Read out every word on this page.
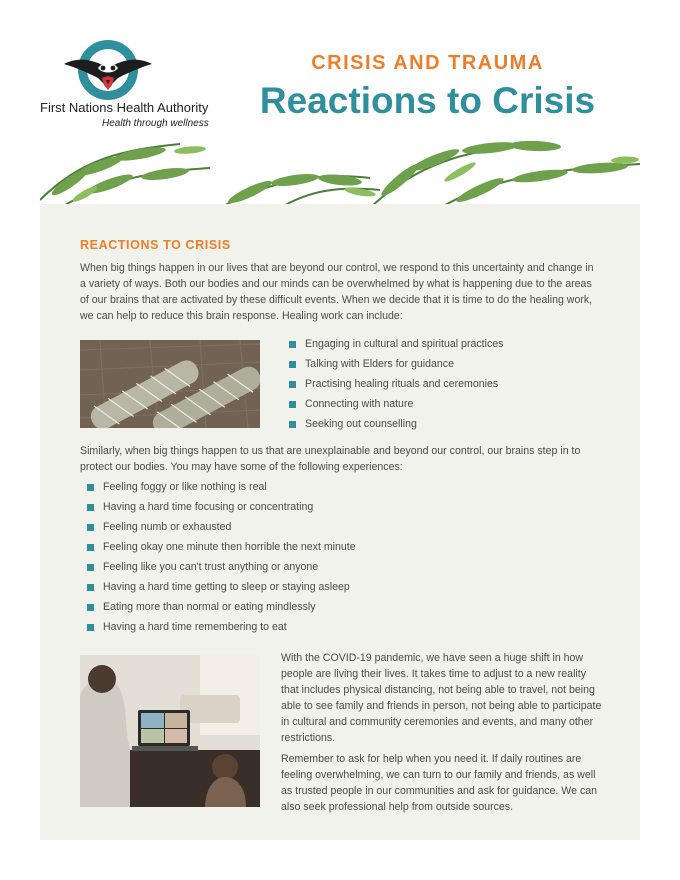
First Nations Health Authority
Health through wellness
CRISIS AND TRAUMA
Reactions to Crisis
REACTIONS TO CRISIS

When big things happen in our lives that are beyond our control, we respond to this uncertainty and change in a variety of ways. Both our bodies and our minds can be overwhelmed by what is happening due to the areas of our brains that are activated by these difficult events. When we decide that it is time to do the healing work, we can help to reduce this brain response. Healing work can include:

Engaging in cultural and spiritual practices
Talking with Elders for guidance
Practising healing rituals and ceremonies
Connecting with nature
Seeking out counselling

Similarly, when big things happen to us that are unexplainable and beyond our control, our brains step in to protect our bodies. You may have some of the following experiences:

Feeling foggy or like nothing is real
Having a hard time focusing or concentrating
Feeling numb or exhausted
Feeling okay one minute then horrible the next minute
Feeling like you can't trust anything or anyone
Having a hard time getting to sleep or staying asleep
Eating more than normal or eating mindlessly
Having a hard time remembering to eat

With the COVID-19 pandemic, we have seen a huge shift in how people are living their lives. It takes time to adjust to a new reality that includes physical distancing, not being able to travel, not being able to see family and friends in person, not being able to participate in cultural and community ceremonies and events, and many other restrictions.

Remember to ask for help when you need it. If daily routines are feeling overwhelming, we can turn to our family and friends, as well as trusted people in our communities and ask for guidance. We can also seek professional help from outside sources.
